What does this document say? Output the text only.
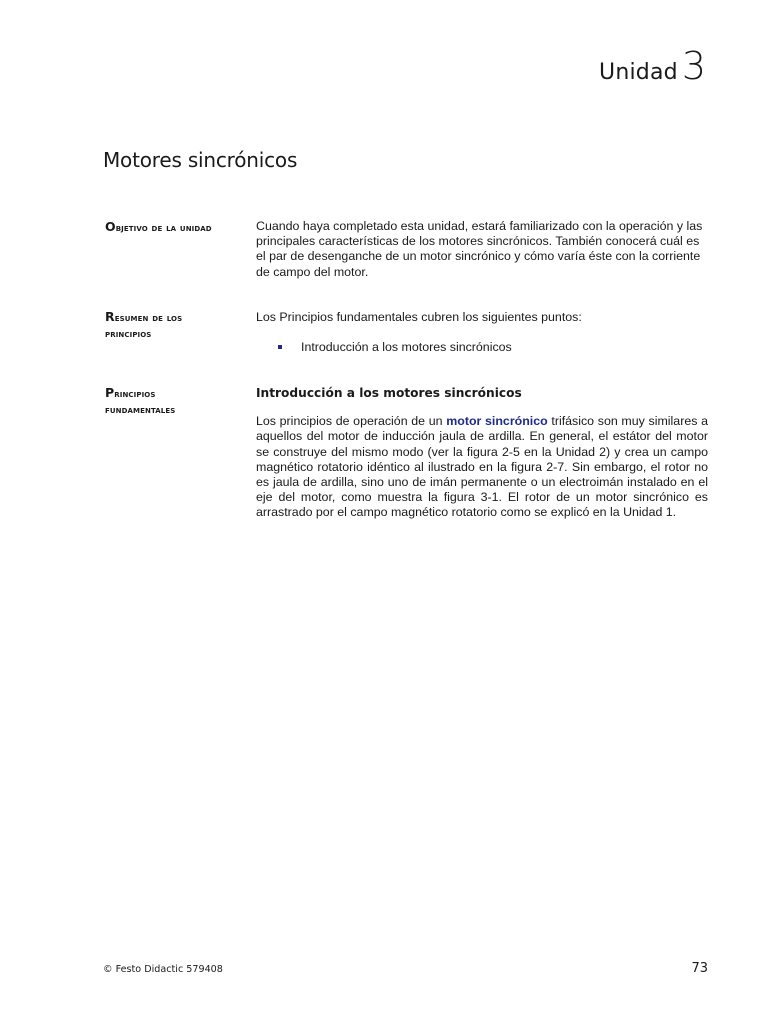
Unidad 3
Motores sincrónicos
Objetivo de la unidad	Cuando haya completado esta unidad, estará familiarizado con la operación y las principales características de los motores sincrónicos. También conocerá cuál es el par de desenganche de un motor sincrónico y cómo varía éste con la corriente de campo del motor.

Resumen de los
principios

Los Principios fundamentales cubren los siguientes puntos:

Introducción a los motores sincrónicos
Principios
fundamentales
Introducción a los motores sincrónicos

Los principios de operación de un motor sincrónico trifásico son muy similares a aquellos del motor de inducción jaula de ardilla. En general, el estátor del motor se construye del mismo modo (ver la figura 2-5 en la Unidad 2) y crea un campo magnético rotatorio idéntico al ilustrado en la figura 2-7. Sin embargo, el rotor no es jaula de ardilla, sino uno de imán permanente o un electroimán instalado en el eje del motor, como muestra la figura 3-1. El rotor de un motor sincrónico es arrastrado por el campo magnético rotatorio como se explicó en la Unidad 1.

© Festo Didactic 579408	73
